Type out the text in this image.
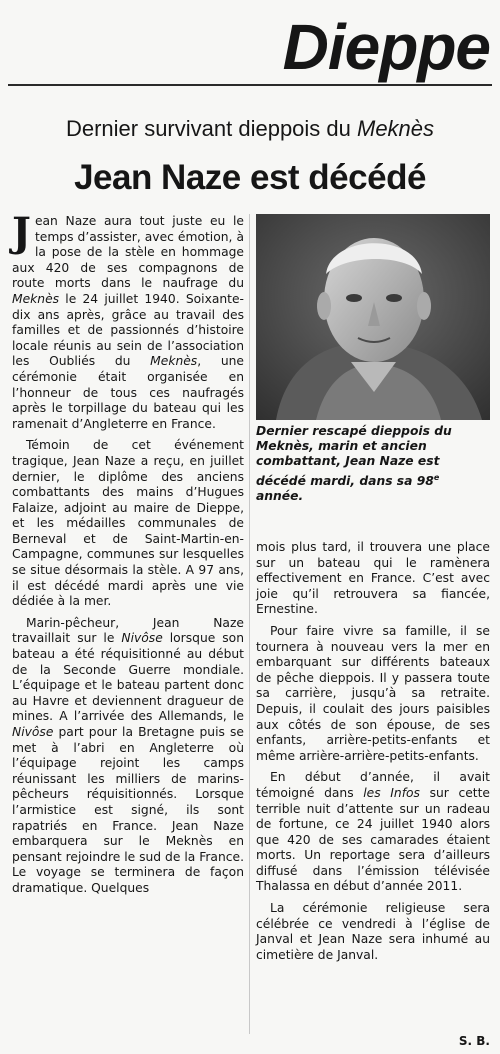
Dieppe
Dernier survivant dieppois du Meknès
Jean Naze est décédé

Jean Naze aura tout juste eu le temps d’assister, avec émotion, à la pose de la stèle en hommage aux 420 de ses compagnons de route morts dans le naufrage du Meknès le 24 juillet 1940. Soixante-dix ans après, grâce au travail des familles et de passionnés d’histoire locale réunis au sein de l’association les Oubliés du Meknès, une cérémonie était organisée en l’honneur de tous ces naufragés après le torpillage du bateau qui les ramenait d’Angleterre en France.

Témoin de cet événement tragique, Jean Naze a reçu, en juillet dernier, le diplôme des anciens combattants des mains d’Hugues Falaize, adjoint au maire de Dieppe, et les médailles communales de Berneval et de Saint-Martin-en-Campagne, communes sur lesquelles se situe désormais la stèle. A 97 ans, il est décédé mardi après une vie dédiée à la mer.

Marin-pêcheur, Jean Naze travaillait sur le Nivôse lorsque son bateau a été réquisitionné au début de la Seconde Guerre mondiale. L’équipage et le bateau partent donc au Havre et deviennent dragueur de mines. A l’arrivée des Allemands, le Nivôse part pour la Bretagne puis se met à l’abri en Angleterre où l’équipage rejoint les camps réunissant les milliers de marins-pêcheurs réquisitionnés. Lorsque l’armistice est signé, ils sont rapatriés en France. Jean Naze embarquera sur le Meknès en pensant rejoindre le sud de la France. Le voyage se terminera de façon dramatique. Quelques

Dernier rescapé dieppois du Meknès, marin et ancien combattant, Jean Naze est décédé mardi, dans sa 98e année.

mois plus tard, il trouvera une place sur un bateau qui le ramènera effectivement en France. C’est avec joie qu’il retrouvera sa fiancée, Ernestine.

Pour faire vivre sa famille, il se tournera à nouveau vers la mer en embarquant sur différents bateaux de pêche dieppois. Il y passera toute sa carrière, jusqu’à sa retraite. Depuis, il coulait des jours paisibles aux côtés de son épouse, de ses enfants, arrière-petits-enfants et même arrière-arrière-petits-enfants.

En début d’année, il avait témoigné dans les Infos sur cette terrible nuit d’attente sur un radeau de fortune, ce 24 juillet 1940 alors que 420 de ses camarades étaient morts. Un reportage sera d’ailleurs diffusé dans l’émission télévisée Thalassa en début d’année 2011.

La cérémonie religieuse sera célébrée ce vendredi à l’église de Janval et Jean Naze sera inhumé au cimetière de Janval.

S. B.
